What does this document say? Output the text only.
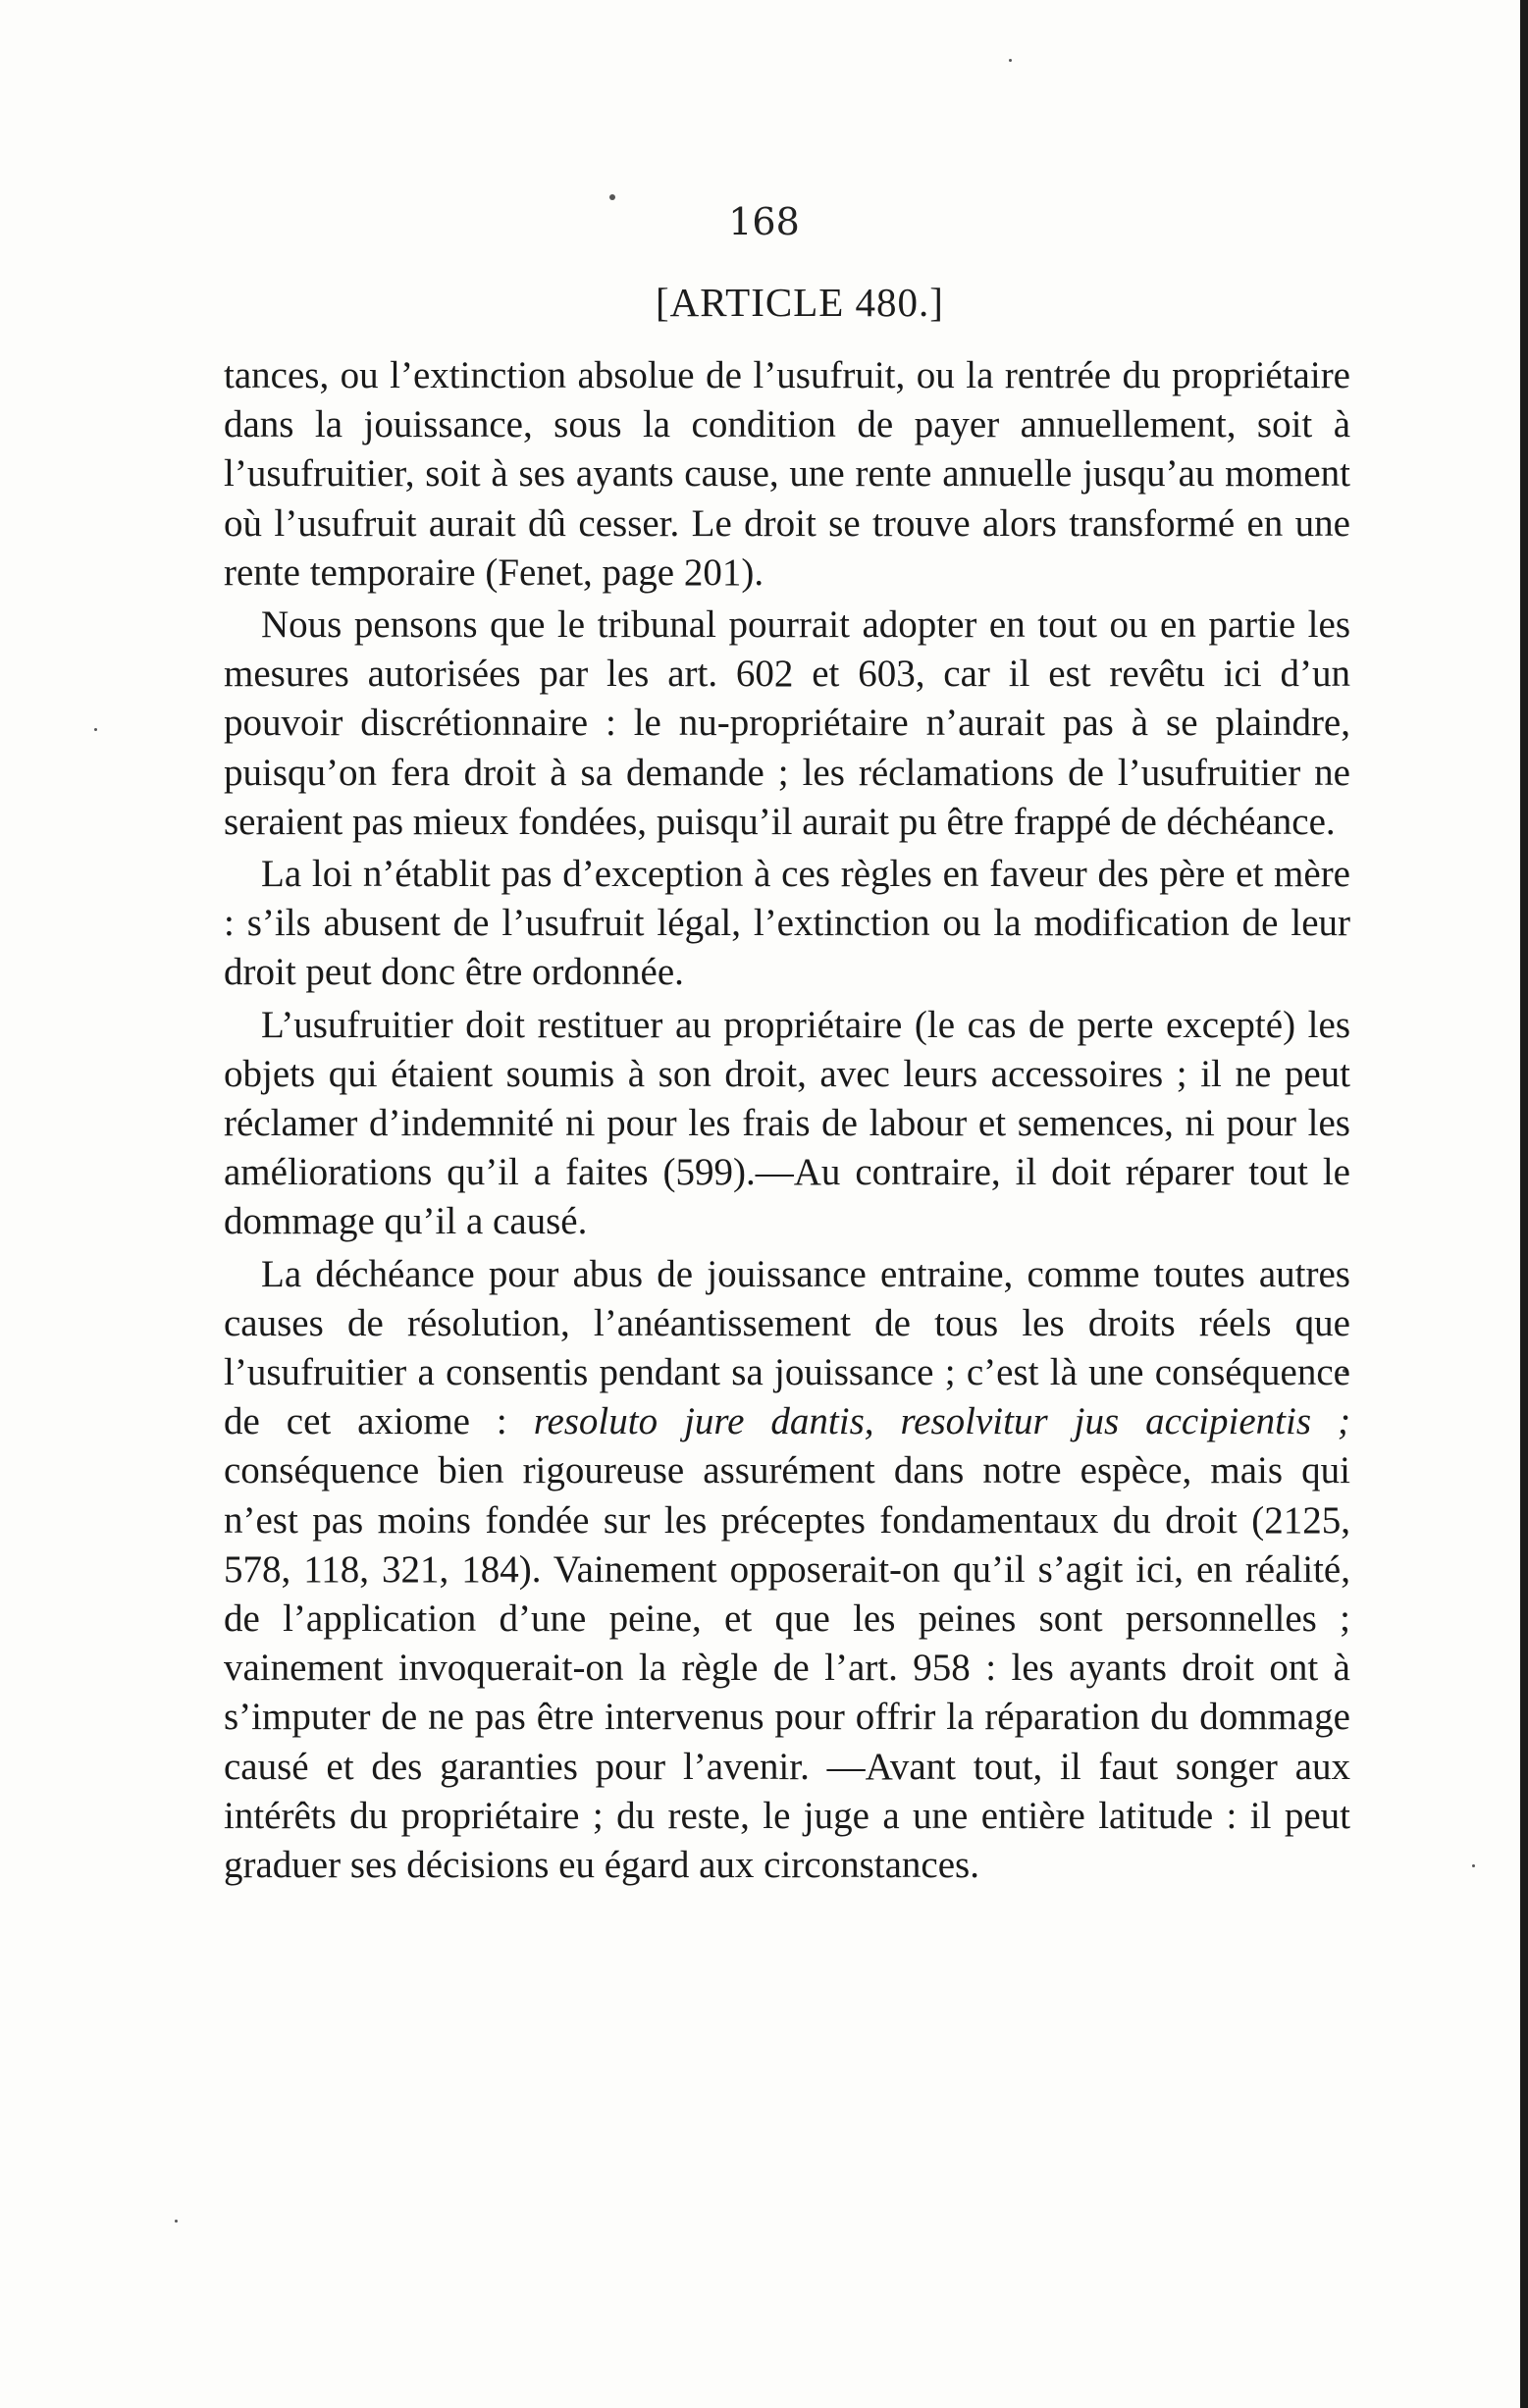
168
[ARTICLE 480.]

tances, ou l’extinction absolue de l’usufruit, ou la rentrée du propriétaire dans la jouissance, sous la condition de payer annuellement, soit à l’usufruitier, soit à ses ayants cause, une rente annuelle jusqu’au moment où l’usufruit aurait dû cesser. Le droit se trouve alors transformé en une rente temporaire (Fenet, page 201).

Nous pensons que le tribunal pourrait adopter en tout ou en partie les mesures autorisées par les art. 602 et 603, car il est revêtu ici d’un pouvoir discrétionnaire : le nu-propriétaire n’aurait pas à se plaindre, puisqu’on fera droit à sa demande ; les réclamations de l’usufruitier ne seraient pas mieux fondées, puisqu’il aurait pu être frappé de déchéance.

La loi n’établit pas d’exception à ces règles en faveur des père et mère : s’ils abusent de l’usufruit légal, l’extinction ou la modification de leur droit peut donc être ordonnée.

L’usufruitier doit restituer au propriétaire (le cas de perte excepté) les objets qui étaient soumis à son droit, avec leurs accessoires ; il ne peut réclamer d’indemnité ni pour les frais de labour et semences, ni pour les améliorations qu’il a faites (599).—Au contraire, il doit réparer tout le dommage qu’il a causé.

La déchéance pour abus de jouissance entraine, comme toutes autres causes de résolution, l’anéantissement de tous les droits réels que l’usufruitier a consentis pendant sa jouissance ; c’est là une conséquence de cet axiome : resoluto jure dantis, resolvitur jus accipientis ; conséquence bien rigoureuse assurément dans notre espèce, mais qui n’est pas moins fondée sur les préceptes fondamentaux du droit (2125, 578, 118, 321, 184). Vainement opposerait-on qu’il s’agit ici, en réalité, de l’application d’une peine, et que les peines sont personnelles ; vainement invoquerait-on la règle de l’art. 958 : les ayants droit ont à s’imputer de ne pas être intervenus pour offrir la réparation du dommage causé et des garanties pour l’avenir. —Avant tout, il faut songer aux intérêts du propriétaire ; du reste, le juge a une entière latitude : il peut graduer ses décisions eu égard aux circonstances.
